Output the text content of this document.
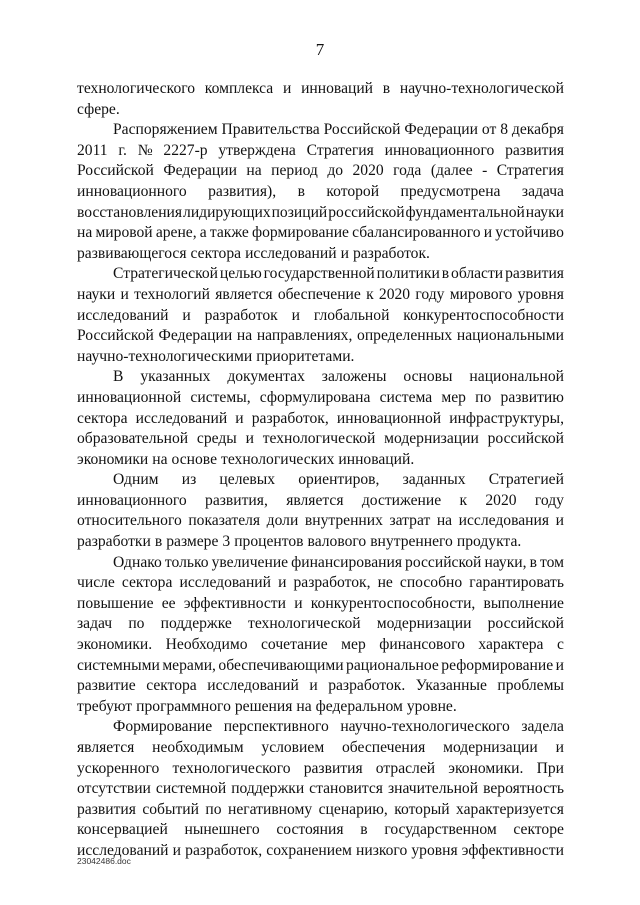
7
технологического комплекса и инноваций в научно-технологической
сфере.
Распоряжением Правительства Российской Федерации от 8 декабря
2011 г. № 2227-р утверждена Стратегия инновационного развития
Российской Федерации на период до 2020 года (далее - Стратегия
инновационного развития), в которой предусмотрена задача
восстановления лидирующих позиций российской фундаментальной науки
на мировой арене, а также формирование сбалансированного и устойчиво
развивающегося сектора исследований и разработок.
Стратегической целью государственной политики в области развития
науки и технологий является обеспечение к 2020 году мирового уровня
исследований и разработок и глобальной конкурентоспособности
Российской Федерации на направлениях, определенных национальными
научно-технологическими приоритетами.
В указанных документах заложены основы национальной
инновационной системы, сформулирована система мер по развитию
сектора исследований и разработок, инновационной инфраструктуры,
образовательной среды и технологической модернизации российской
экономики на основе технологических инноваций.
Одним из целевых ориентиров, заданных Стратегией
инновационного развития, является достижение к 2020 году
относительного показателя доли внутренних затрат на исследования и
разработки в размере 3 процентов валового внутреннего продукта.
Однако только увеличение финансирования российской науки, в том
числе сектора исследований и разработок, не способно гарантировать
повышение ее эффективности и конкурентоспособности, выполнение
задач по поддержке технологической модернизации российской
экономики. Необходимо сочетание мер финансового характера с
системными мерами, обеспечивающими рациональное реформирование и
развитие сектора исследований и разработок. Указанные проблемы
требуют программного решения на федеральном уровне.
Формирование перспективного научно-технологического задела
является необходимым условием обеспечения модернизации и
ускоренного технологического развития отраслей экономики. При
отсутствии системной поддержки становится значительной вероятность
развития событий по негативному сценарию, который характеризуется
консервацией нынешнего состояния в государственном секторе
исследований и разработок, сохранением низкого уровня эффективности
23042486.doc
